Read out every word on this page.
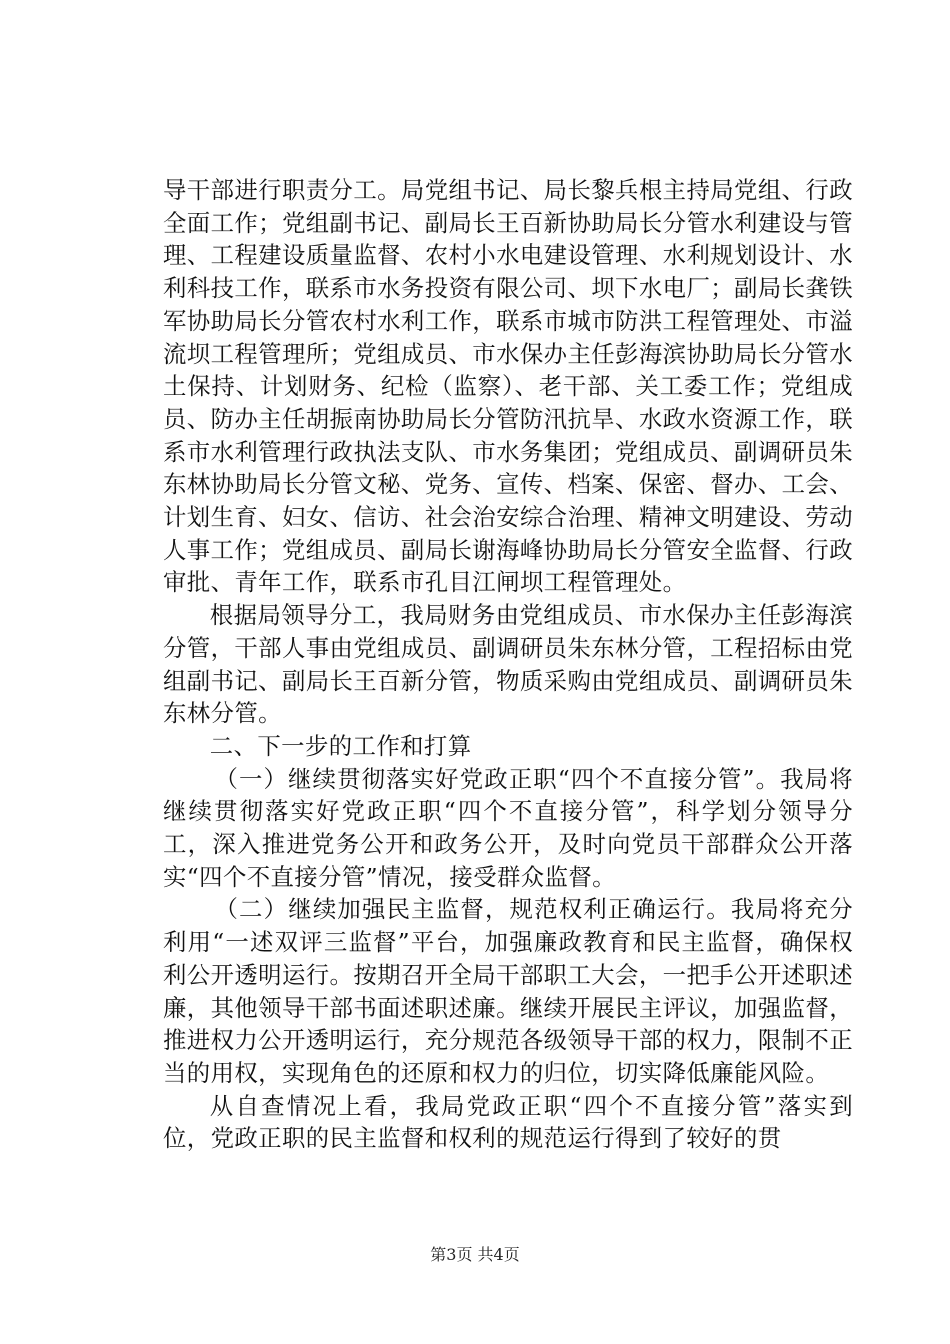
导干部进行职责分工。局党组书记、局长黎兵根主持局党组、行政全面工作；党组副书记、副局长王百新协助局长分管水利建设与管理、工程建设质量监督、农村小水电建设管理、水利规划设计、水利科技工作，联系市水务投资有限公司、坝下水电厂；副局长龚铁军协助局长分管农村水利工作，联系市城市防洪工程管理处、市溢流坝工程管理所；党组成员、市水保办主任彭海滨协助局长分管水土保持、计划财务、纪检（监察）、老干部、关工委工作；党组成员、防办主任胡振南协助局长分管防汛抗旱、水政水资源工作，联系市水利管理行政执法支队、市水务集团；党组成员、副调研员朱东林协助局长分管文秘、党务、宣传、档案、保密、督办、工会、计划生育、妇女、信访、社会治安综合治理、精神文明建设、劳动人事工作；党组成员、副局长谢海峰协助局长分管安全监督、行政审批、青年工作，联系市孔目江闸坝工程管理处。

根据局领导分工，我局财务由党组成员、市水保办主任彭海滨分管，干部人事由党组成员、副调研员朱东林分管，工程招标由党组副书记、副局长王百新分管，物质采购由党组成员、副调研员朱东林分管。

二、下一步的工作和打算

（一）继续贯彻落实好党政正职“四个不直接分管”。我局将继续贯彻落实好党政正职“四个不直接分管”，科学划分领导分工，深入推进党务公开和政务公开，及时向党员干部群众公开落实“四个不直接分管”情况，接受群众监督。

（二）继续加强民主监督，规范权利正确运行。我局将充分利用“一述双评三监督”平台，加强廉政教育和民主监督，确保权利公开透明运行。按期召开全局干部职工大会，一把手公开述职述廉，其他领导干部书面述职述廉。继续开展民主评议，加强监督，推进权力公开透明运行，充分规范各级领导干部的权力，限制不正当的用权，实现角色的还原和权力的归位，切实降低廉能风险。

从自查情况上看，我局党政正职“四个不直接分管”落实到位，党政正职的民主监督和权利的规范运行得到了较好的贯

第3页 共4页
